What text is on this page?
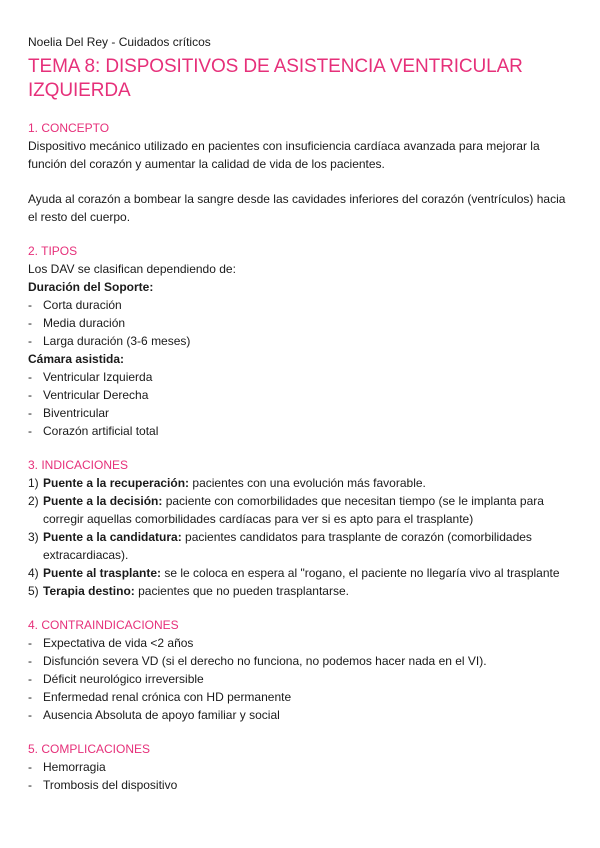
Noelia Del Rey - Cuidados críticos
TEMA 8: DISPOSITIVOS DE ASISTENCIA VENTRICULAR IZQUIERDA
1. CONCEPTO

Dispositivo mecánico utilizado en pacientes con insuficiencia cardíaca avanzada para mejorar la función del corazón y aumentar la calidad de vida de los pacientes.

Ayuda al corazón a bombear la sangre desde las cavidades inferiores del corazón (ventrículos) hacia el resto del cuerpo.

2. TIPOS

Los DAV se clasifican dependiendo de:

Duración del Soporte:

- Corta duración
- Media duración
- Larga duración (3-6 meses)

Cámara asistida:

- Ventricular Izquierda
- Ventricular Derecha
- Biventricular
- Corazón artificial total
3. INDICACIONES
1) Puente a la recuperación: pacientes con una evolución más favorable.
2) Puente a la decisión: paciente con comorbilidades que necesitan tiempo (se le implanta para corregir aquellas comorbilidades cardíacas para ver si es apto para el trasplante)
3) Puente a la candidatura: pacientes candidatos para trasplante de corazón (comorbilidades extracardiacas).
4) Puente al trasplante: se le coloca en espera al "rogano, el paciente no llegaría vivo al trasplante
5) Terapia destino: pacientes que no pueden trasplantarse.
4. CONTRAINDICACIONES
- Expectativa de vida <2 años
- Disfunción severa VD (si el derecho no funciona, no podemos hacer nada en el VI).
- Déficit neurológico irreversible
- Enfermedad renal crónica con HD permanente
- Ausencia Absoluta de apoyo familiar y social
5. COMPLICACIONES
- Hemorragia
- Trombosis del dispositivo
